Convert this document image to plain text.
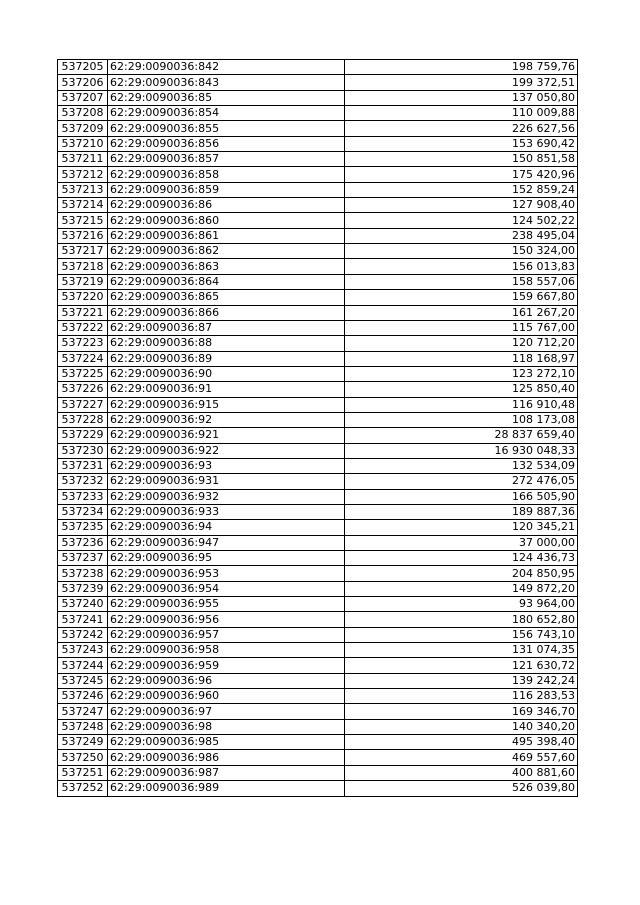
537205	62:29:0090036:842	198 759,76
537206	62:29:0090036:843	199 372,51
537207	62:29:0090036:85	137 050,80
537208	62:29:0090036:854	110 009,88
537209	62:29:0090036:855	226 627,56
537210	62:29:0090036:856	153 690,42
537211	62:29:0090036:857	150 851,58
537212	62:29:0090036:858	175 420,96
537213	62:29:0090036:859	152 859,24
537214	62:29:0090036:86	127 908,40
537215	62:29:0090036:860	124 502,22
537216	62:29:0090036:861	238 495,04
537217	62:29:0090036:862	150 324,00
537218	62:29:0090036:863	156 013,83
537219	62:29:0090036:864	158 557,06
537220	62:29:0090036:865	159 667,80
537221	62:29:0090036:866	161 267,20
537222	62:29:0090036:87	115 767,00
537223	62:29:0090036:88	120 712,20
537224	62:29:0090036:89	118 168,97
537225	62:29:0090036:90	123 272,10
537226	62:29:0090036:91	125 850,40
537227	62:29:0090036:915	116 910,48
537228	62:29:0090036:92	108 173,08
537229	62:29:0090036:921	28 837 659,40
537230	62:29:0090036:922	16 930 048,33
537231	62:29:0090036:93	132 534,09
537232	62:29:0090036:931	272 476,05
537233	62:29:0090036:932	166 505,90
537234	62:29:0090036:933	189 887,36
537235	62:29:0090036:94	120 345,21
537236	62:29:0090036:947	37 000,00
537237	62:29:0090036:95	124 436,73
537238	62:29:0090036:953	204 850,95
537239	62:29:0090036:954	149 872,20
537240	62:29:0090036:955	93 964,00
537241	62:29:0090036:956	180 652,80
537242	62:29:0090036:957	156 743,10
537243	62:29:0090036:958	131 074,35
537244	62:29:0090036:959	121 630,72
537245	62:29:0090036:96	139 242,24
537246	62:29:0090036:960	116 283,53
537247	62:29:0090036:97	169 346,70
537248	62:29:0090036:98	140 340,20
537249	62:29:0090036:985	495 398,40
537250	62:29:0090036:986	469 557,60
537251	62:29:0090036:987	400 881,60
537252	62:29:0090036:989	526 039,80
